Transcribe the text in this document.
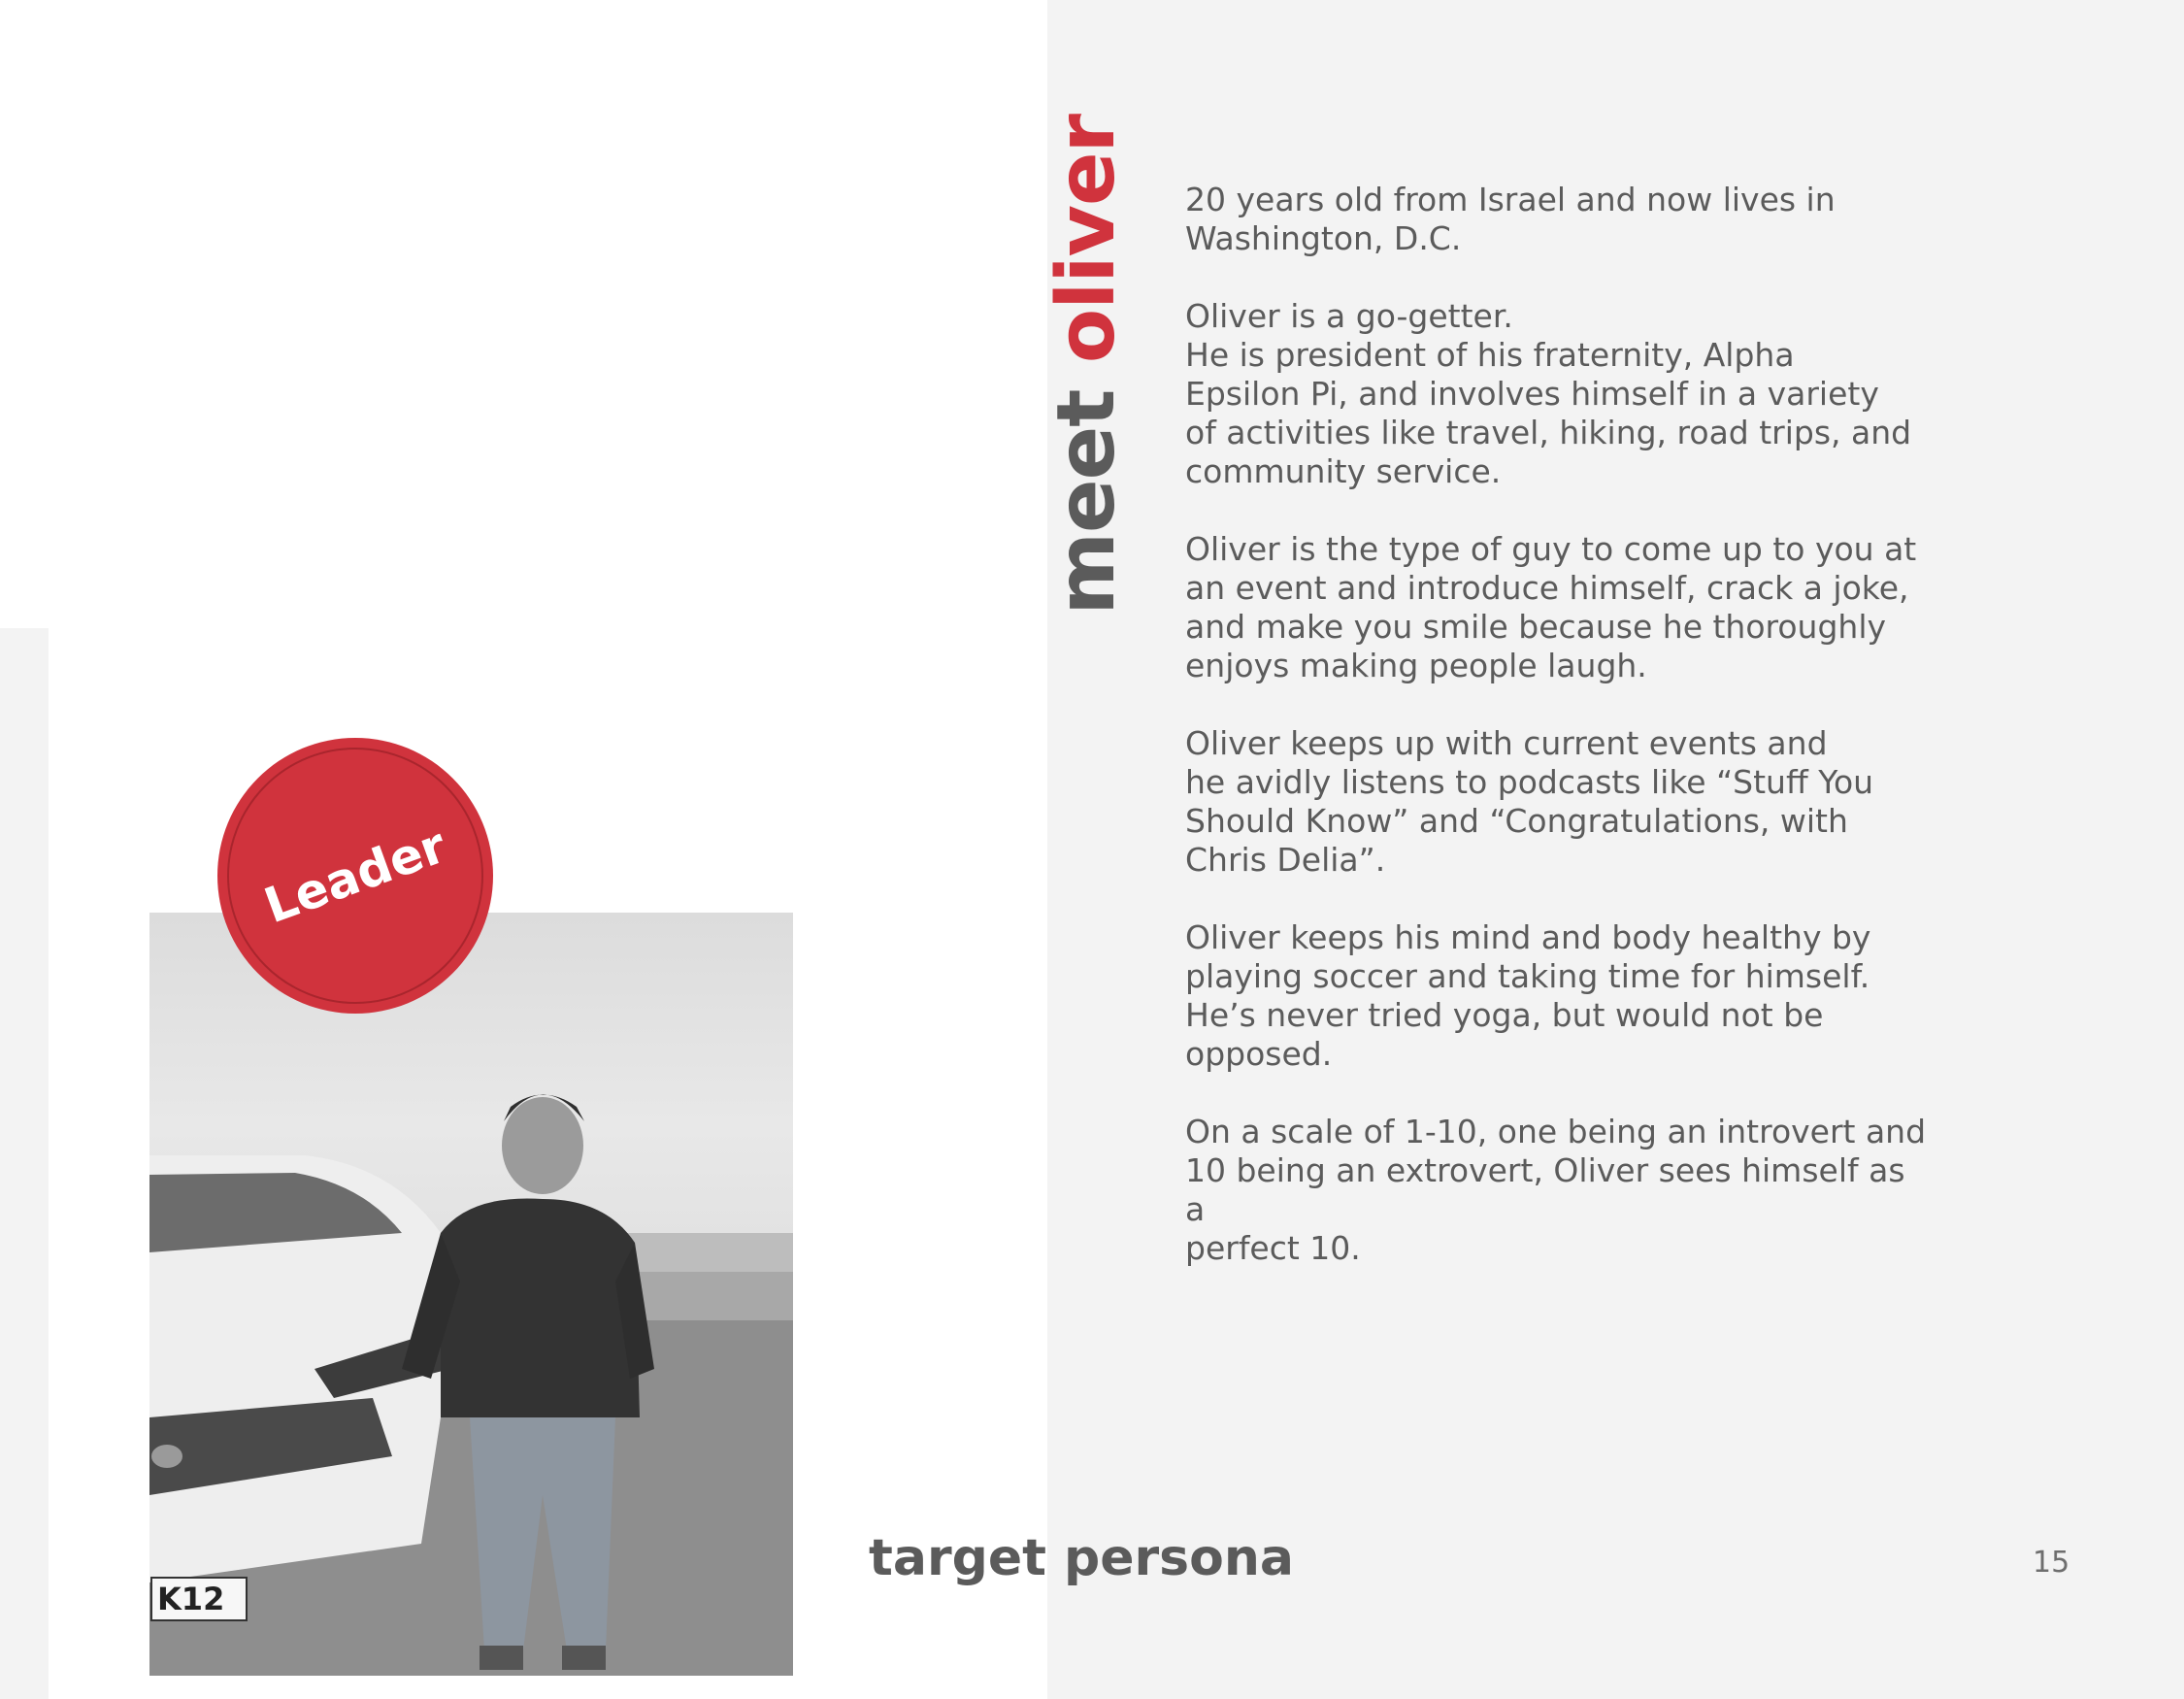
meet oliver 20 years old from Israel and now lives in
Washington, D.C.

Oliver is a go-getter.
He is president of his fraternity, Alpha
Epsilon Pi, and involves himself in a variety
of activities like travel, hiking, road trips, and
community service.

Oliver is the type of guy to come up to you at
an event and introduce himself, crack a joke,
and make you smile because he thoroughly
enjoys making people laugh.

Oliver keeps up with current events and
he avidly listens to podcasts like “Stuff You
Should Know” and “Congratulations, with
Chris Delia”.

Oliver keeps his mind and body healthy by
playing soccer and taking time for himself.
He’s never tried yoga, but would not be
opposed.

On a scale of 1-10, one being an introvert and
10 being an extrovert, Oliver sees himself as a
perfect 10.

K12
Leader
target persona	15
